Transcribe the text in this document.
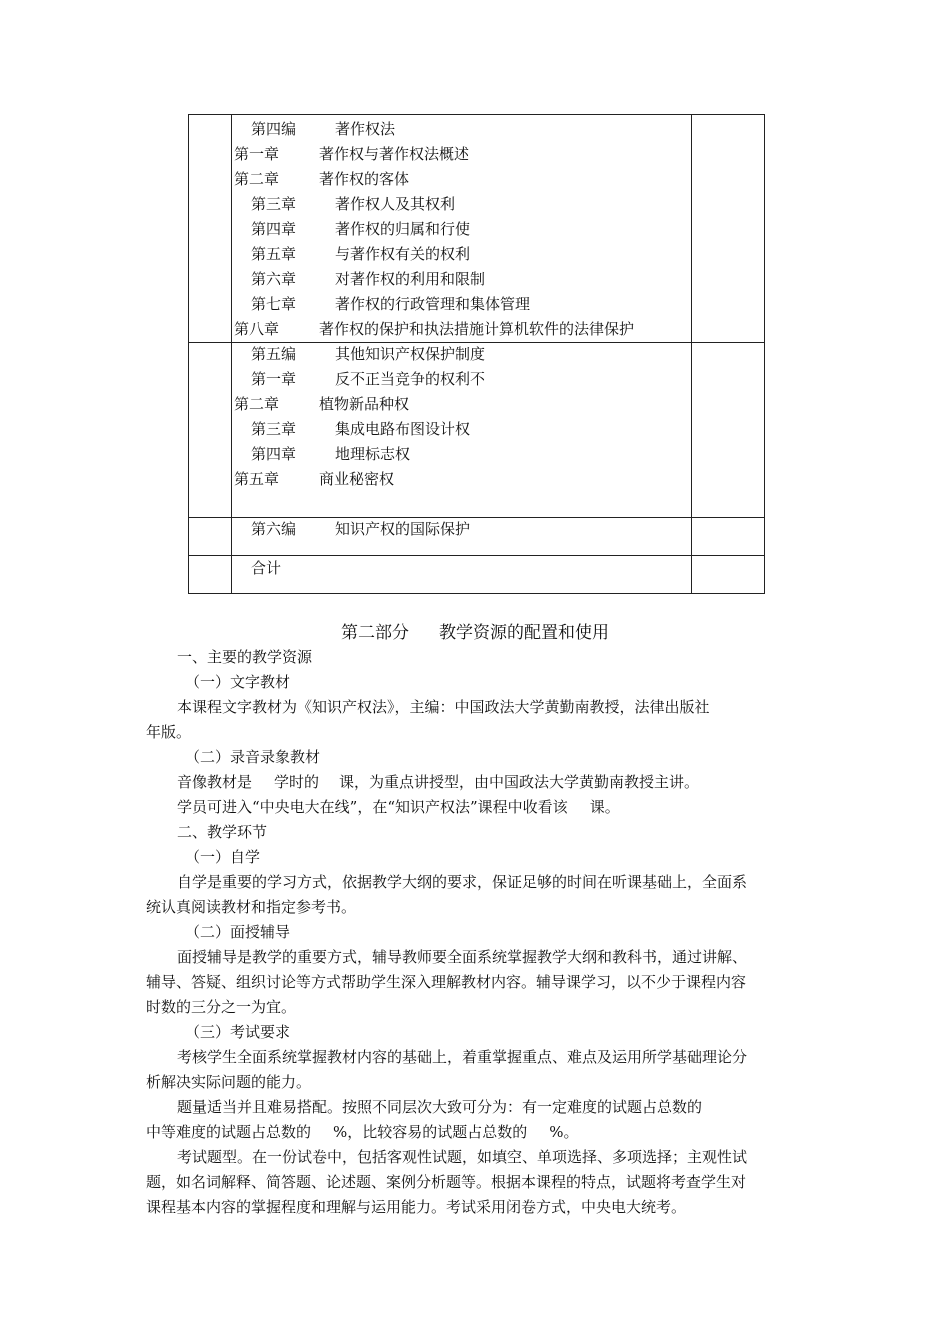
第四编	著作权法
第一章	著作权与著作权法概述
第二章	著作权的客体
第三章	著作权人及其权利
第四章	著作权的归属和行使
第五章	与著作权有关的权利
第六章	对著作权的利用和限制
第七章	著作权的行政管理和集体管理
第八章	著作权的保护和执法措施计算机软件的法律保护
第五编	其他知识产权保护制度
第一章	反不正当竞争的权利不
第二章	植物新品种权
第三章	集成电路布图设计权
第四章	地理标志权
第五章	商业秘密权
第六编	知识产权的国际保护
合计
第二部分 教学资源的配置和使用
一、主要的教学资源
（一）文字教材
本课程文字教材为《知识产权法》，主编：中国政法大学黄勤南教授，法律出版社
年版。
（二）录音录象教材
音像教材是 学时的 课，为重点讲授型，由中国政法大学黄勤南教授主讲。
学员可进入“中央电大在线”，在“知识产权法”课程中收看该 课。
二、教学环节
（一）自学
自学是重要的学习方式，依据教学大纲的要求，保证足够的时间在听课基础上，全面系
统认真阅读教材和指定参考书。
（二）面授辅导
面授辅导是教学的重要方式，辅导教师要全面系统掌握教学大纲和教科书，通过讲解、
辅导、答疑、组织讨论等方式帮助学生深入理解教材内容。辅导课学习，以不少于课程内容
时数的三分之一为宜。
（三）考试要求
考核学生全面系统掌握教材内容的基础上，着重掌握重点、难点及运用所学基础理论分
析解决实际问题的能力。
题量适当并且难易搭配。按照不同层次大致可分为：有一定难度的试题占总数的
中等难度的试题占总数的 %，比较容易的试题占总数的 %。
考试题型。在一份试卷中，包括客观性试题，如填空、单项选择、多项选择；主观性试
题，如名词解释、简答题、论述题、案例分析题等。根据本课程的特点，试题将考查学生对
课程基本内容的掌握程度和理解与运用能力。考试采用闭卷方式，中央电大统考。
